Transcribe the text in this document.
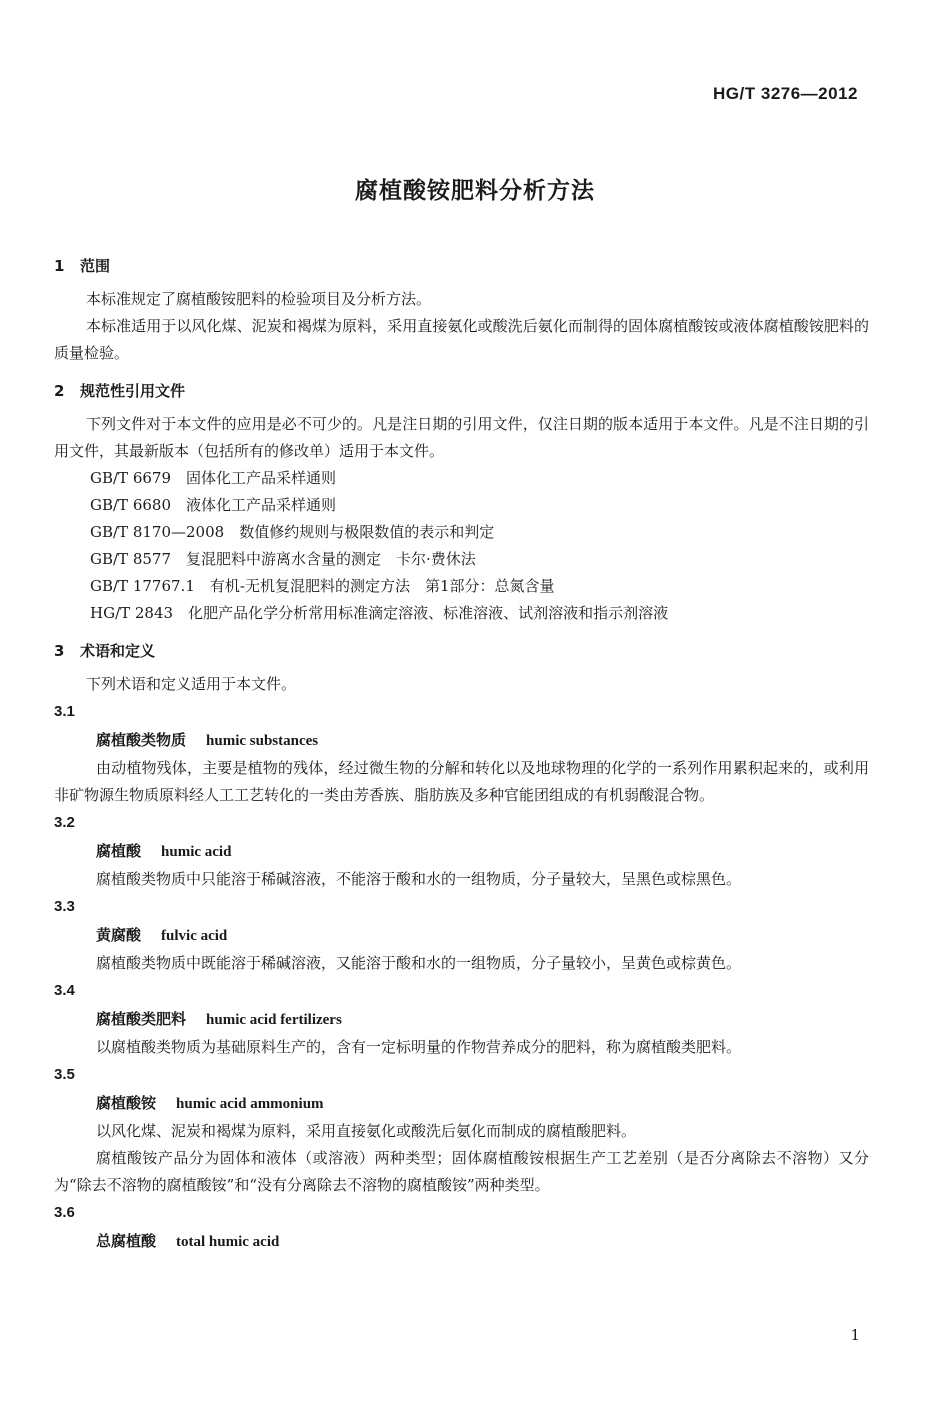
HG/T 3276—2012
腐植酸铵肥料分析方法
1 范围

本标准规定了腐植酸铵肥料的检验项目及分析方法。

本标准适用于以风化煤、泥炭和褐煤为原料，采用直接氨化或酸洗后氨化而制得的固体腐植酸铵或液体腐植酸铵肥料的质量检验。

2 规范性引用文件

下列文件对于本文件的应用是必不可少的。凡是注日期的引用文件，仅注日期的版本适用于本文件。凡是不注日期的引用文件，其最新版本（包括所有的修改单）适用于本文件。

GB/T 6679　 固体化工产品采样通则

GB/T 6680　 液体化工产品采样通则

GB/T 8170—2008　 数值修约规则与极限数值的表示和判定

GB/T 8577　 复混肥料中游离水含量的测定　卡尔·费休法

GB/T 17767.1　 有机-无机复混肥料的测定方法　第1部分：总氮含量

HG/T 2843　 化肥产品化学分析常用标准滴定溶液、标准溶液、试剂溶液和指示剂溶液

3 术语和定义

下列术语和定义适用于本文件。

3.1
腐植酸类物质 humic substances

由动植物残体，主要是植物的残体，经过微生物的分解和转化以及地球物理的化学的一系列作用累积起来的，或利用非矿物源生物质原料经人工工艺转化的一类由芳香族、脂肪族及多种官能团组成的有机弱酸混合物。

3.2
腐植酸 humic acid

腐植酸类物质中只能溶于稀碱溶液，不能溶于酸和水的一组物质，分子量较大，呈黑色或棕黑色。

3.3
黄腐酸 fulvic acid

腐植酸类物质中既能溶于稀碱溶液，又能溶于酸和水的一组物质，分子量较小，呈黄色或棕黄色。

3.4
腐植酸类肥料 humic acid fertilizers

以腐植酸类物质为基础原料生产的，含有一定标明量的作物营养成分的肥料，称为腐植酸类肥料。

3.5
腐植酸铵 humic acid ammonium

以风化煤、泥炭和褐煤为原料，采用直接氨化或酸洗后氨化而制成的腐植酸肥料。

腐植酸铵产品分为固体和液体（或溶液）两种类型；固体腐植酸铵根据生产工艺差别（是否分离除去不溶物）又分为“除去不溶物的腐植酸铵”和“没有分离除去不溶物的腐植酸铵”两种类型。

3.6
总腐植酸 total humic acid
1
